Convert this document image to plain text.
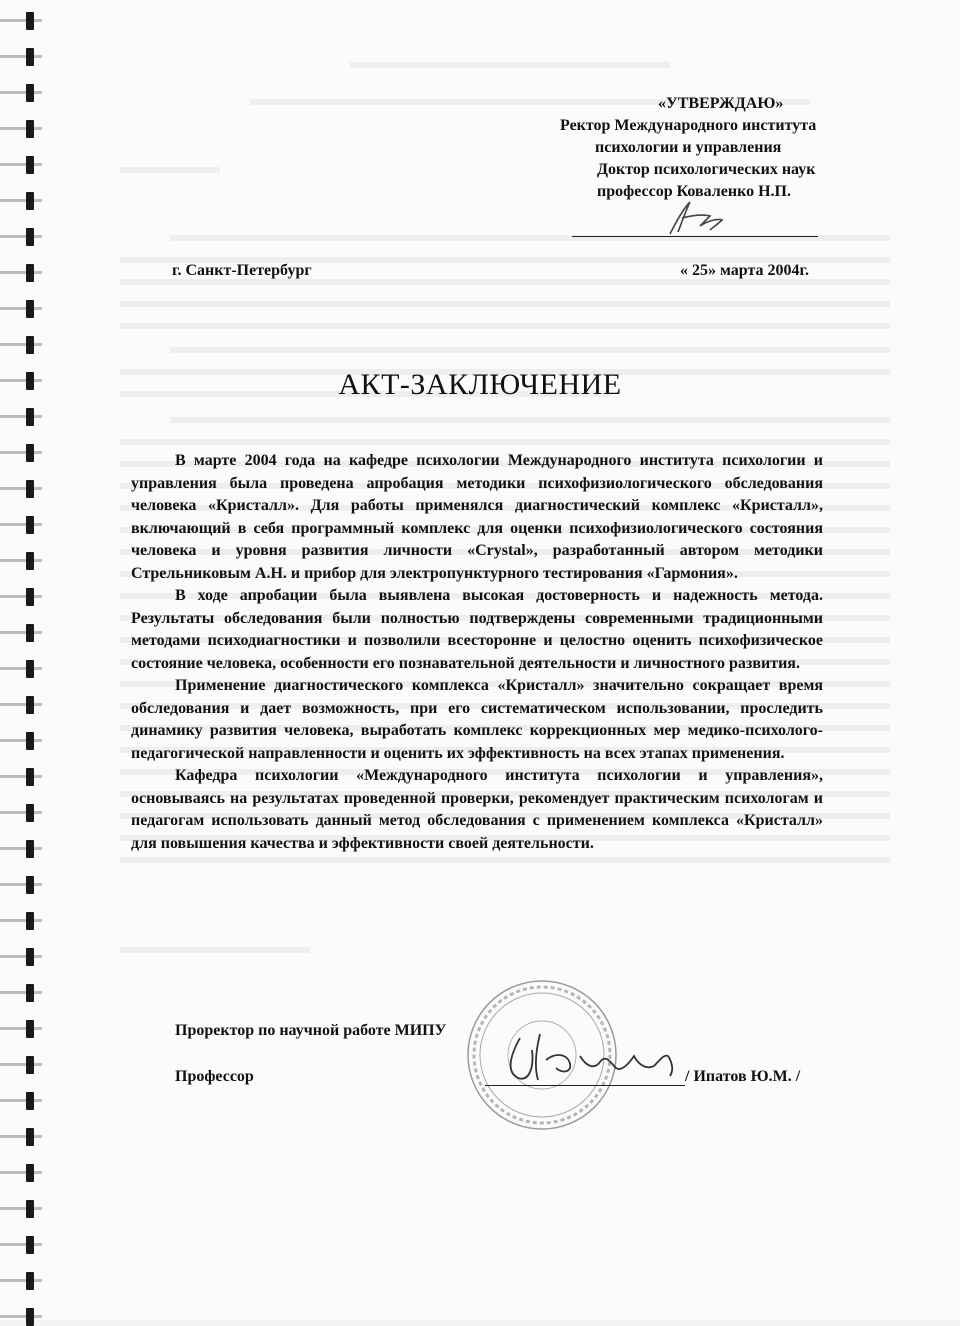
«УТВЕРЖДАЮ»
Ректор Международного института
психологии и управления
Доктор психологических наук
профессор Коваленко Н.П.
г. Санкт-Петербург	« 25» марта 2004г.
АКТ-ЗАКЛЮЧЕНИЕ

В марте 2004 года на кафедре психологии Международного института психологии и управления была проведена апробация методики психофизиологического обследования человека «Кристалл». Для работы применялся диагностический комплекс «Кристалл», включающий в себя программный комплекс для оценки психофизиологического состояния человека и уровня развития личности «Crystal», разработанный автором методики Стрельниковым А.Н. и прибор для электропунктурного тестирования «Гармония».

В ходе апробации была выявлена высокая достоверность и надежность метода. Результаты обследования были полностью подтверждены современными традиционными методами психодиагностики и позволили всесторонне и целостно оценить психофизическое состояние человека, особенности его познавательной деятельности и личностного развития.

Применение диагностического комплекса «Кристалл» значительно сокращает время обследования и дает возможность, при его систематическом использовании, проследить динамику развития человека, выработать комплекс коррекционных мер медико-психолого-педагогической направленности и оценить их эффективность на всех этапах применения.

Кафедра психологии «Международного института психологии и управления», основываясь на результатах проведенной проверки, рекомендует практическим психологам и педагогам использовать данный метод обследования с применением комплекса «Кристалл» для повышения качества и эффективности своей деятельности.

Проректор по научной работе МИПУ
Професcор	/ Ипатов Ю.М. /
